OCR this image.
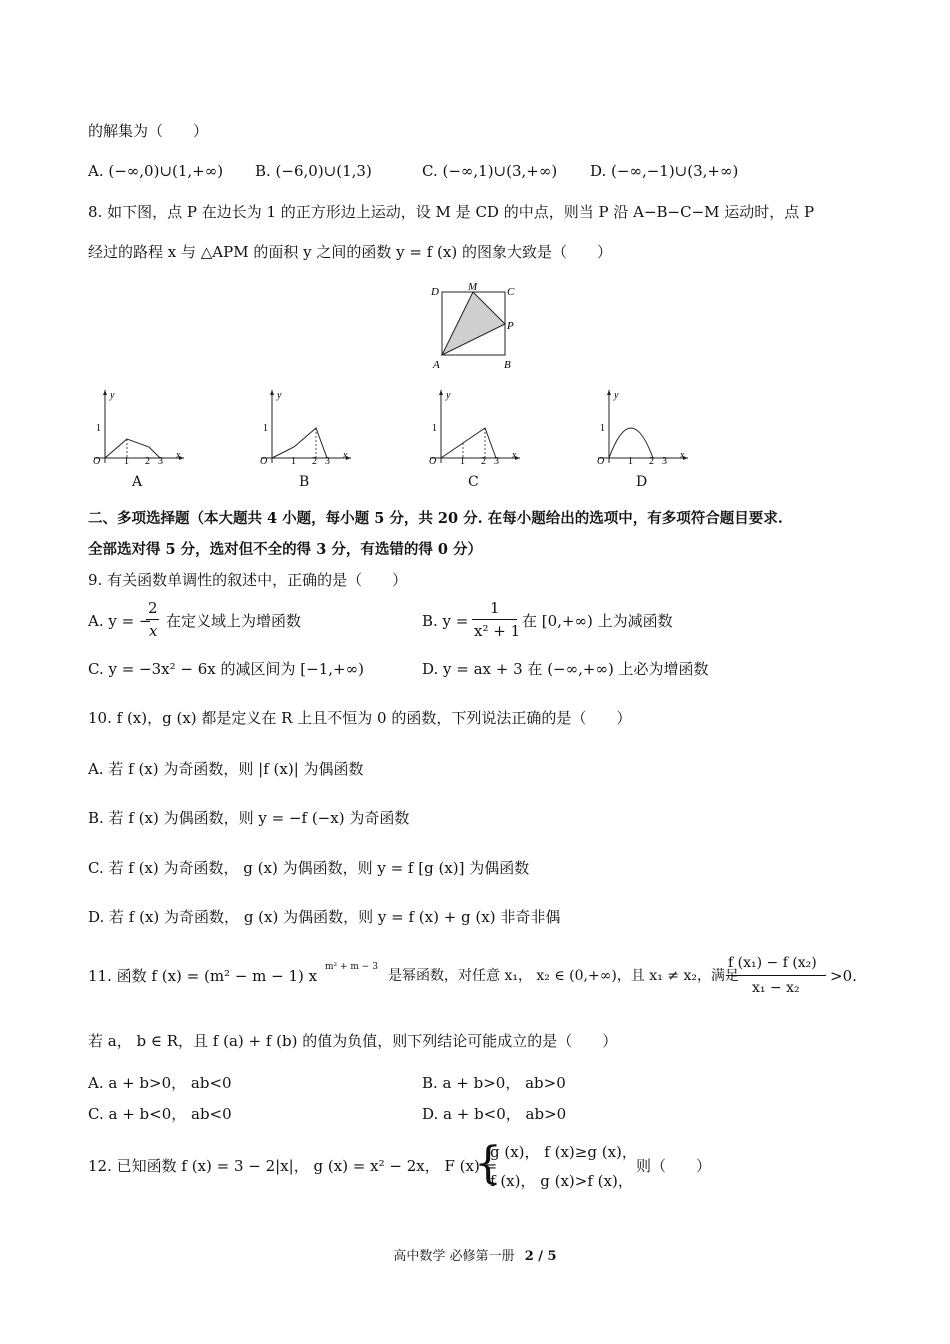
的解集为（　　）
A. (−∞,0)∪(1,+∞) B. (−6,0)∪(1,3)	C. (−∞,1)∪(3,+∞) D. (−∞,−1)∪(3,+∞)
8. 如下图，点 P 在边长为 1 的正方形边上运动，设 M 是 CD 的中点，则当 P 沿 A−B−C−M 运动时，点 P
经过的路程 x 与 △APM 的面积 y 之间的函数 y = f (x) 的图象大致是（　　）
D	M	C
P
A	B
y
x
O
1
1 2 3
A
y
x
O
1
1 2 3
B
y
x
O
1
1 2 3
C
y
x
O
1
1 2 3
D
二、多项选择题（本大题共 4 小题，每小题 5 分，共 20 分. 在每小题给出的选项中，有多项符合题目要求.
全部选对得 5 分，选对但不全的得 3 分，有选错的得 0 分）
9. 有关函数单调性的叙述中，正确的是（　　）
A. y = −
2
x
在定义域上为增函数	B. y =
1
x² + 1
在 [0,+∞) 上为减函数
C. y = −3x² − 6x 的减区间为 [−1,+∞)	D. y = ax + 3 在 (−∞,+∞) 上必为增函数
10. f (x)，g (x) 都是定义在 R 上且不恒为 0 的函数，下列说法正确的是（　　）
A. 若 f (x) 为奇函数，则 |f (x)| 为偶函数
B. 若 f (x) 为偶函数，则 y = −f (−x) 为奇函数
C. 若 f (x) 为奇函数， g (x) 为偶函数，则 y = f [g (x)] 为偶函数
D. 若 f (x) 为奇函数， g (x) 为偶函数，则 y = f (x) + g (x) 非奇非偶
11. 函数 f (x) = (m² − m − 1) x m² + m − 3
是幂函数，对任意 x₁， x₂ ∈ (0,+∞)，且 x₁ ≠ x₂，满足
f (x₁) − f (x₂)
x₁ − x₂
>0.
若 a， b ∈ R，且 f (a) + f (b) 的值为负值，则下列结论可能成立的是（　　）
A. a + b>0， ab<0	B. a + b>0， ab>0
C. a + b<0， ab<0	D. a + b<0， ab>0
12. 已知函数 f (x) = 3 − 2|x|， g (x) = x² − 2x， F (x) =
{
g (x)， f (x)≥g (x)，
f (x)， g (x)>f (x)，
则（　　）
高中数学 必修第一册 2 / 5
